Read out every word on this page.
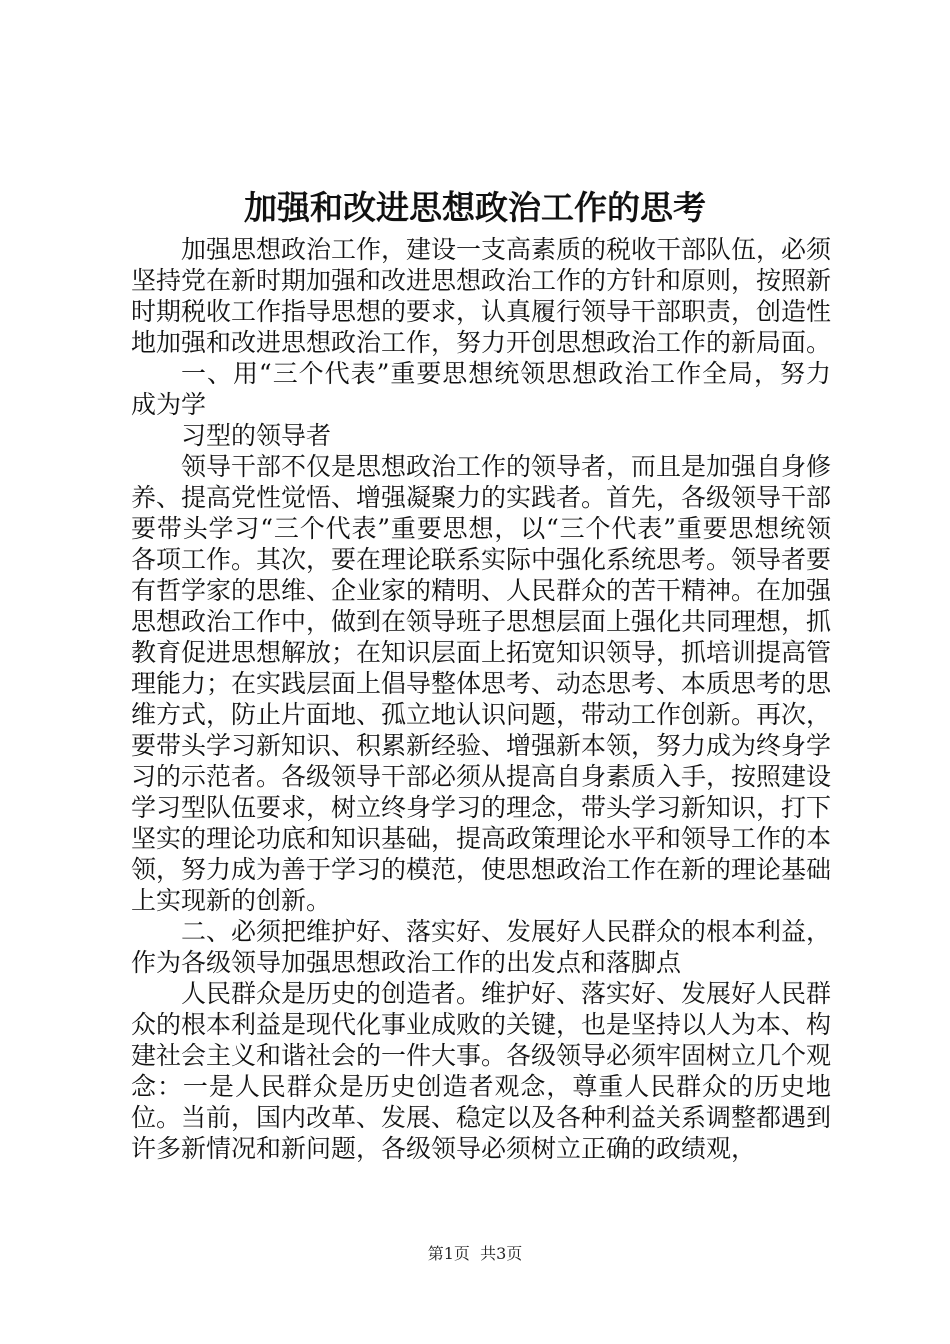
加强和改进思想政治工作的思考

加强思想政治工作，建设一支高素质的税收干部队伍，必须坚持党在新时期加强和改进思想政治工作的方针和原则，按照新时期税收工作指导思想的要求，认真履行领导干部职责，创造性地加强和改进思想政治工作，努力开创思想政治工作的新局面。

一、用“三个代表”重要思想统领思想政治工作全局，努力成为学

习型的领导者

领导干部不仅是思想政治工作的领导者，而且是加强自身修养、提高党性觉悟、增强凝聚力的实践者。首先，各级领导干部要带头学习“三个代表”重要思想，以“三个代表”重要思想统领各项工作。其次，要在理论联系实际中强化系统思考。领导者要有哲学家的思维、企业家的精明、人民群众的苦干精神。在加强思想政治工作中，做到在领导班子思想层面上强化共同理想，抓教育促进思想解放；在知识层面上拓宽知识领导，抓培训提高管理能力；在实践层面上倡导整体思考、动态思考、本质思考的思维方式，防止片面地、孤立地认识问题，带动工作创新。再次，要带头学习新知识、积累新经验、增强新本领，努力成为终身学习的示范者。各级领导干部必须从提高自身素质入手，按照建设学习型队伍要求，树立终身学习的理念，带头学习新知识，打下坚实的理论功底和知识基础，提高政策理论水平和领导工作的本领，努力成为善于学习的模范，使思想政治工作在新的理论基础上实现新的创新。

二、必须把维护好、落实好、发展好人民群众的根本利益，作为各级领导加强思想政治工作的出发点和落脚点

人民群众是历史的创造者。维护好、落实好、发展好人民群众的根本利益是现代化事业成败的关键，也是坚持以人为本、构建社会主义和谐社会的一件大事。各级领导必须牢固树立几个观念：一是人民群众是历史创造者观念，尊重人民群众的历史地位。当前，国内改革、发展、稳定以及各种利益关系调整都遇到许多新情况和新问题，各级领导必须树立正确的政绩观，

第1页 共3页
